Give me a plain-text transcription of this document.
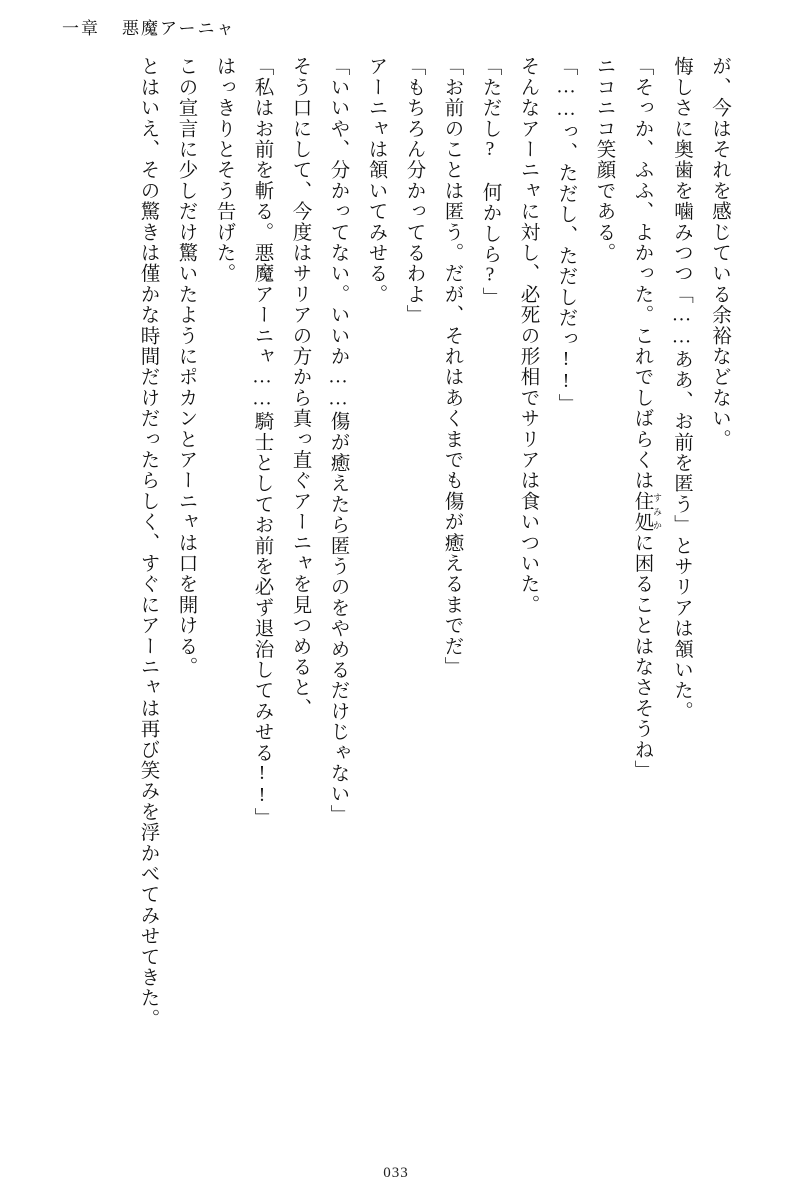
一章 悪魔アーニャ

が、今はそれを感じている余裕などない。

悔しさに奥歯を噛みつつ「……ああ、お前を匿う」とサリアは頷いた。

「そっか、ふふ、よかった。これでしばらくは住処 すみかに困ることはなさそうね」

ニコニコ笑顔である。

「……っ、ただし、ただしだっ!!」

そんなアーニャに対し、必死の形相でサリアは食いついた。

「ただし?　何かしら?」

「お前のことは匿う。だが、それはあくまでも傷が癒えるまでだ」

「もちろん分かってるわよ」

アーニャは頷いてみせる。

「いいや、分かってない。いいか……傷が癒えたら匿うのをやめるだけじゃない」

そう口にして、今度はサリアの方から真っ直ぐアーニャを見つめると、

「私はお前を斬る。悪魔アーニャ……騎士としてお前を必ず退治してみせる!!」

はっきりとそう告げた。

この宣言に少しだけ驚いたようにポカンとアーニャは口を開ける。

とはいえ、その驚きは僅かな時間だけだったらしく、すぐにアーニャは再び笑みを浮かべてみせてきた。

033
